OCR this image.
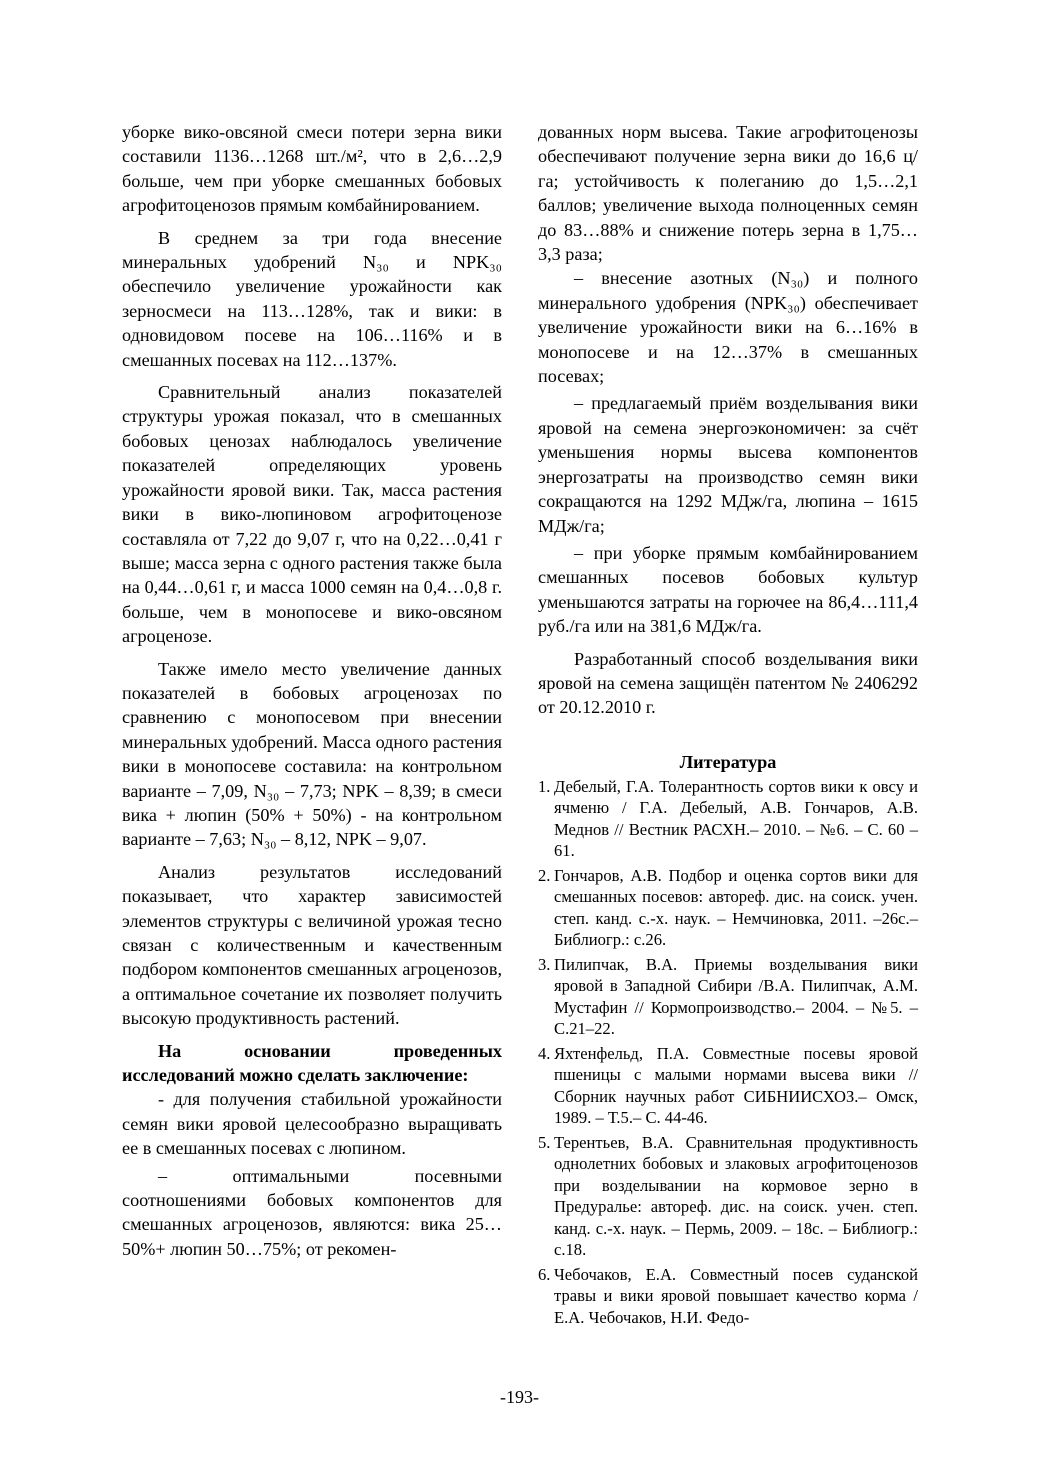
уборке вико-овсяной смеси потери зерна вики составили 1136…1268 шт./м², что в 2,6…2,9 больше, чем при уборке смешанных бобовых агрофитоценозов прямым комбайнированием.

В среднем за три года внесение минеральных удобрений N₃₀ и NPK₃₀ обеспечило увеличение урожайности как зерносмеси на 113…128%, так и вики: в одновидовом посеве на 106…116% и в смешанных посевах на 112…137%.

Сравнительный анализ показателей структуры урожая показал, что в смешанных бобовых ценозах наблюдалось увеличение показателей определяющих уровень урожайности яровой вики. Так, масса растения вики в вико-люпиновом агрофитоценозе составляла от 7,22 до 9,07 г, что на 0,22…0,41 г выше; масса зерна с одного растения также была на 0,44…0,61 г, и масса 1000 семян на 0,4…0,8 г. больше, чем в монопосеве и вико-овсяном агроценозе.

Также имело место увеличение данных показателей в бобовых агроценозах по сравнению с монопосевом при внесении минеральных удобрений. Масса одного растения вики в монопосеве составила: на контрольном варианте – 7,09, N₃₀ – 7,73; NPK – 8,39; в смеси вика + люпин (50% + 50%) - на контрольном варианте – 7,63; N₃₀ – 8,12, NPK – 9,07.

Анализ результатов исследований показывает, что характер зависимостей элементов структуры с величиной урожая тесно связан с количественным и качественным подбором компонентов смешанных агроценозов, а оптимальное сочетание их позволяет получить высокую продуктивность растений.

На основании проведенных исследований можно сделать заключение:

- для получения стабильной урожайности семян вики яровой целесообразно выращивать ее в смешанных посевах с люпином.

– оптимальными посевными соотношениями бобовых компонентов для смешанных агроценозов, являются: вика 25…50%+ люпин 50…75%; от рекомен-

дованных норм высева. Такие агрофитоценозы обеспечивают получение зерна вики до 16,6 ц/га; устойчивость к полеганию до 1,5…2,1 баллов; увеличение выхода полноценных семян до 83…88% и снижение потерь зерна в 1,75…3,3 раза;

– внесение азотных (N₃₀) и полного минерального удобрения (NPK₃₀) обеспечивает увеличение урожайности вики на 6…16% в монопосеве и на 12…37% в смешанных посевах;

– предлагаемый приём возделывания вики яровой на семена энергоэкономичен: за счёт уменьшения нормы высева компонентов энергозатраты на производство семян вики сокращаются на 1292 МДж/га, люпина – 1615 МДж/га;

– при уборке прямым комбайнированием смешанных посевов бобовых культур уменьшаются затраты на горючее на 86,4…111,4 руб./га или на 381,6 МДж/га.

Разработанный способ возделывания вики яровой на семена защищён патентом № 2406292 от 20.12.2010 г.

Литература
1. Дебелый, Г.А. Толерантность сортов вики к овсу и ячменю / Г.А. Дебелый, А.В. Гончаров, А.В. Меднов // Вестник РАСХН.– 2010. – №6. – С. 60 –61.
2. Гончаров, А.В. Подбор и оценка сортов вики для смешанных посевов: автореф. дис. на соиск. учен. степ. канд. с.-х. наук. – Немчиновка, 2011. –26с.– Библиогр.: с.26.
3. Пилипчак, В.А. Приемы возделывания вики яровой в Западной Сибири /В.А. Пилипчак, А.М. Мустафин // Кормопроизводство.– 2004. – №5. – С.21–22.
4. Яхтенфельд, П.А. Совместные посевы яровой пшеницы с малыми нормами высева вики // Сборник научных работ СИБНИИСХОЗ.– Омск, 1989. – Т.5.– С. 44-46.
5. Терентьев, В.А. Сравнительная продуктивность однолетних бобовых и злаковых агрофитоценозов при возделывании на кормовое зерно в Предуралье: автореф. дис. на соиск. учен. степ. канд. с.-х. наук. – Пермь, 2009. – 18с. – Библиогр.: с.18.
6. Чебочаков, Е.А. Совместный посев суданской травы и вики яровой повышает качество корма / Е.А. Чебочаков, Н.И. Федо-
-193-
